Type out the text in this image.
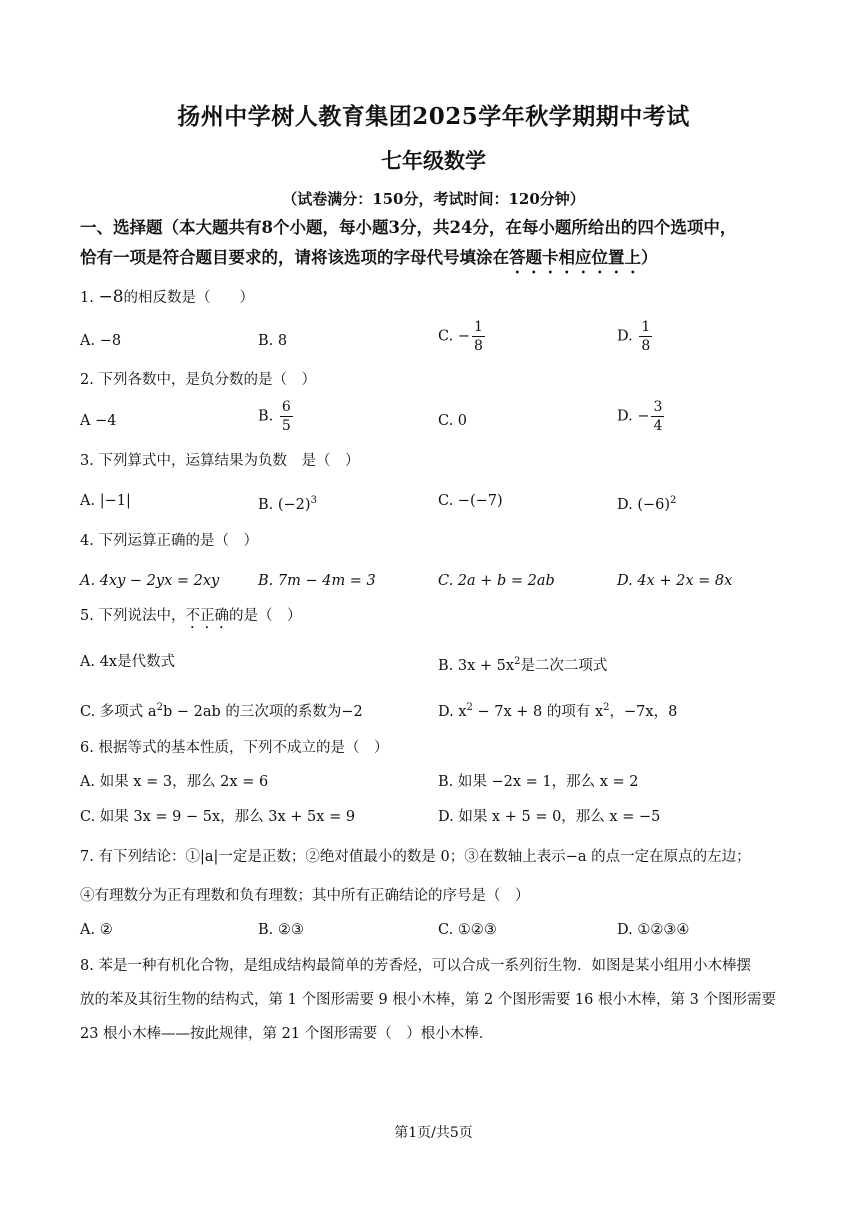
扬州中学树人教育集团2025学年秋学期期中考试
七年级数学
（试卷满分：150分，考试时间：120分钟）
一、选择题（本大题共有8个小题，每小题3分，共24分，在每小题所给出的四个选项中，
恰有一项是符合题目要求的，请将该选项的字母代号填涂在答题卡相应位置上）
1. −8的相反数是（　　）
A. −8	B. 8	C. − $\frac{1}{8}$	D. $\frac{1}{8}$
2. 下列各数中，是负分数的是（　）
A −4	B. $\frac{6}{5}$	C. 0	D. − $\frac{3}{4}$
3. 下列算式中，运算结果为负数　是（　）
A. |−1|	B. $(-2)^3$	C. −(−7)	D. $(-6)^2$
4. 下列运算正确的是（　）
A. 4xy − 2yx = 2xy	B. 7m − 4m = 3	C. 2a + b = 2ab	D. 4x + 2x = 8x
5. 下列说法中，不正确的是（　）
A. 4x是代数式	B. $3x + 5x^2$是二次二项式
C. 多项式 $a^2b - 2ab$ 的三次项的系数为−2	D. $x^2 - 7x + 8$ 的项有 $x^2$，−7x，8
6. 根据等式的基本性质，下列不成立的是（　）
A. 如果 x = 3，那么 2x = 6	B. 如果 −2x = 1，那么 x = 2
C. 如果 3x = 9 − 5x，那么 3x + 5x = 9	D. 如果 x + 5 = 0，那么 x = −5
7. 有下列结论：①|a|一定是正数；②绝对值最小的数是 0；③在数轴上表示−a 的点一定在原点的左边；
④有理数分为正有理数和负有理数；其中所有正确结论的序号是（　）
A. ②	B. ②③	C. ①②③	D. ①②③④
8. 苯是一种有机化合物，是组成结构最简单的芳香烃，可以合成一系列衍生物．如图是某小组用小木棒摆
放的苯及其衍生物的结构式，第 1 个图形需要 9 根小木棒，第 2 个图形需要 16 根小木棒，第 3 个图形需要
23 根小木棒——按此规律，第 21 个图形需要（　）根小木棒．
第1页/共5页
